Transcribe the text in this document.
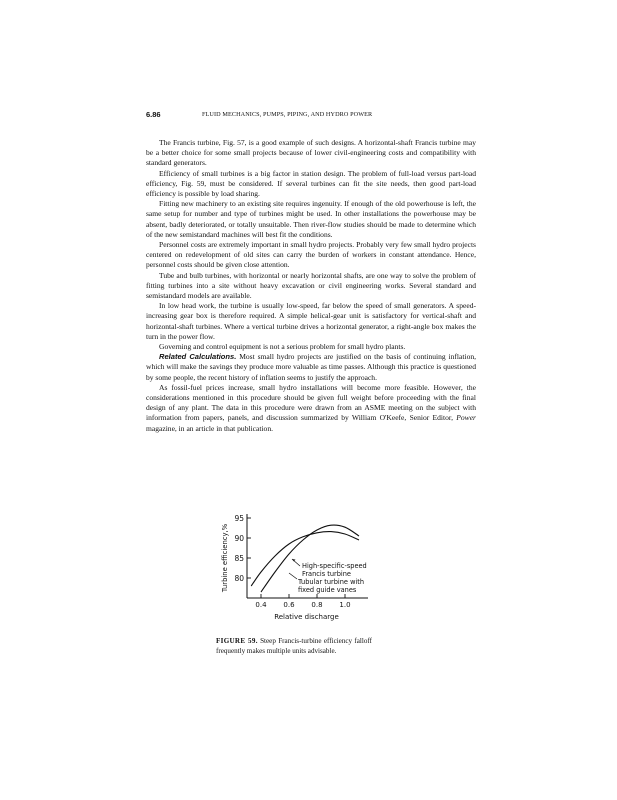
6.86	FLUID MECHANICS, PUMPS, PIPING, AND HYDRO POWER

The Francis turbine, Fig. 57, is a good example of such designs. A horizontal-shaft Francis turbine may be a better choice for some small projects because of lower civil-engineering costs and compatibility with standard generators.

Efficiency of small turbines is a big factor in station design. The problem of full-load versus part-load efficiency, Fig. 59, must be considered. If several turbines can fit the site needs, then good part-load efficiency is possible by load sharing.

Fitting new machinery to an existing site requires ingenuity. If enough of the old powerhouse is left, the same setup for number and type of turbines might be used. In other installations the powerhouse may be absent, badly deteriorated, or totally unsuitable. Then river-flow studies should be made to determine which of the new semistandard machines will best fit the conditions.

Personnel costs are extremely important in small hydro projects. Probably very few small hydro projects centered on redevelopment of old sites can carry the burden of workers in constant attendance. Hence, personnel costs should be given close attention.

Tube and bulb turbines, with horizontal or nearly horizontal shafts, are one way to solve the problem of fitting turbines into a site without heavy excavation or civil engineering works. Several standard and semistandard models are available.

In low head work, the turbine is usually low-speed, far below the speed of small generators. A speed-increasing gear box is therefore required. A simple helical-gear unit is satisfactory for vertical-shaft and horizontal-shaft turbines. Where a vertical turbine drives a horizontal generator, a right-angle box makes the turn in the power flow.

Governing and control equipment is not a serious problem for small hydro plants.

Related Calculations. Most small hydro projects are justified on the basis of continuing inflation, which will make the savings they produce more valuable as time passes. Although this practice is questioned by some people, the recent history of inflation seems to justify the approach.

As fossil-fuel prices increase, small hydro installations will become more feasible. However, the considerations mentioned in this procedure should be given full weight before proceeding with the final design of any plant. The data in this procedure were drawn from an ASME meeting on the subject with information from papers, panels, and discussion summarized by William O'Keefe, Senior Editor, Power magazine, in an article in that publication.

95
90
85
80
0.4 0.6 0.8 1.0
Relative discharge
Turbine efficiency,%	High-specific-speed
Francis turbine
Tubular turbine with
fixed guide vanes
FIGURE 59. Steep Francis-turbine efficiency falloff frequently makes multiple units advisable.
